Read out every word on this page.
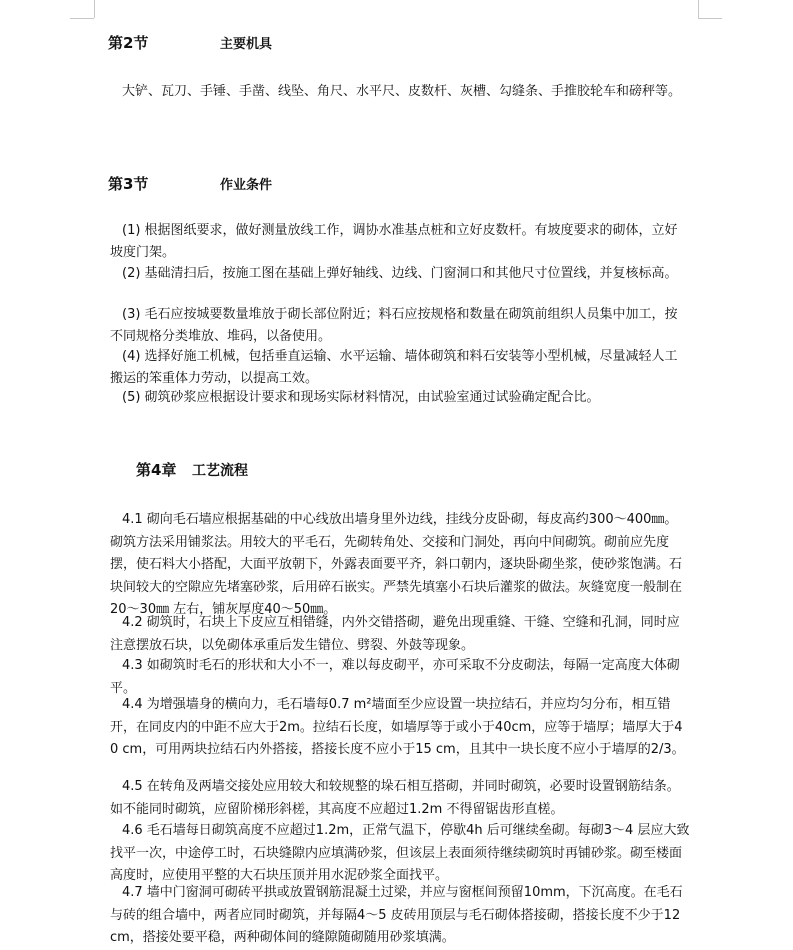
第2节	主要机具
大铲、瓦刀、手锤、手凿、线坠、角尺、水平尺、皮数杆、灰槽、勾缝条、手推胶轮车和磅秤等。
第3节	作业条件
(1) 根据图纸要求，做好测量放线工作，调协水准基点桩和立好皮数杆。有坡度要求的砌体，立好坡度门架。
(2) 基础清扫后，按施工图在基础上弹好轴线、边线、门窗洞口和其他尺寸位置线，并复核标高。
(3) 毛石应按城要数量堆放于砌长部位附近；料石应按规格和数量在砌筑前组织人员集中加工，按不同规格分类堆放、堆码，以备使用。
(4) 选择好施工机械，包括垂直运输、水平运输、墙体砌筑和料石安装等小型机械，尽量减轻人工搬运的笨重体力劳动，以提高工效。
(5) 砌筑砂浆应根据设计要求和现场实际材料情况，由试验室通过试验确定配合比。
第4章 工艺流程
4.1 砌向毛石墙应根据基础的中心线放出墙身里外边线，挂线分皮卧砌，每皮高约300～400㎜。砌筑方法采用铺浆法。用较大的平毛石，先砌转角处、交接和门洞处，再向中间砌筑。砌前应先度摆，使石料大小搭配，大面平放朝下，外露表面要平齐，斜口朝内，逐块卧砌坐浆，使砂浆饱满。石块间较大的空隙应先堵塞砂浆，后用碎石嵌实。严禁先填塞小石块后灌浆的做法。灰缝宽度一般制在20～30㎜ 左右，铺灰厚度40～50㎜。
4.2 砌筑时，石块上下皮应互相错缝，内外交错搭砌，避免出现重缝、干缝、空缝和孔洞，同时应注意摆放石块，以免砌体承重后发生错位、劈裂、外鼓等现象。
4.3 如砌筑时毛石的形状和大小不一，难以每皮砌平，亦可采取不分皮砌法，每隔一定高度大体砌平。
4.4 为增强墙身的横向力，毛石墙每0.7 m²墙面至少应设置一块拉结石，并应均匀分布，相互错开，在同皮内的中距不应大于2m。拉结石长度，如墙厚等于或小于40cm，应等于墙厚；墙厚大于40 cm，可用两块拉结石内外搭接，搭接长度不应小于15 cm，且其中一块长度不应小于墙厚的2/3。
4.5 在转角及两墙交接处应用较大和较规整的垛石相互搭砌，并同时砌筑，必要时设置钢筋结条。如不能同时砌筑，应留阶梯形斜槎，其高度不应超过1.2m 不得留锯齿形直槎。
4.6 毛石墙每日砌筑高度不应超过1.2m，正常气温下，停歇4h 后可继续垒砌。每砌3～4 层应大致找平一次，中途停工时，石块缝隙内应填满砂浆，但该层上表面须待继续砌筑时再铺砂浆。砌至楼面高度时，应使用平整的大石块压顶并用水泥砂浆全面找平。
4.7 墙中门窗洞可砌砖平拱或放置钢筋混凝土过梁，并应与窗框间预留10mm，下沉高度。在毛石与砖的组合墙中，两者应同时砌筑，并每隔4～5 皮砖用顶层与毛石砌体搭接砌，搭接长度不少于12 cm，搭接处要平稳，两种砌体间的缝隙随砌随用砂浆填满。
